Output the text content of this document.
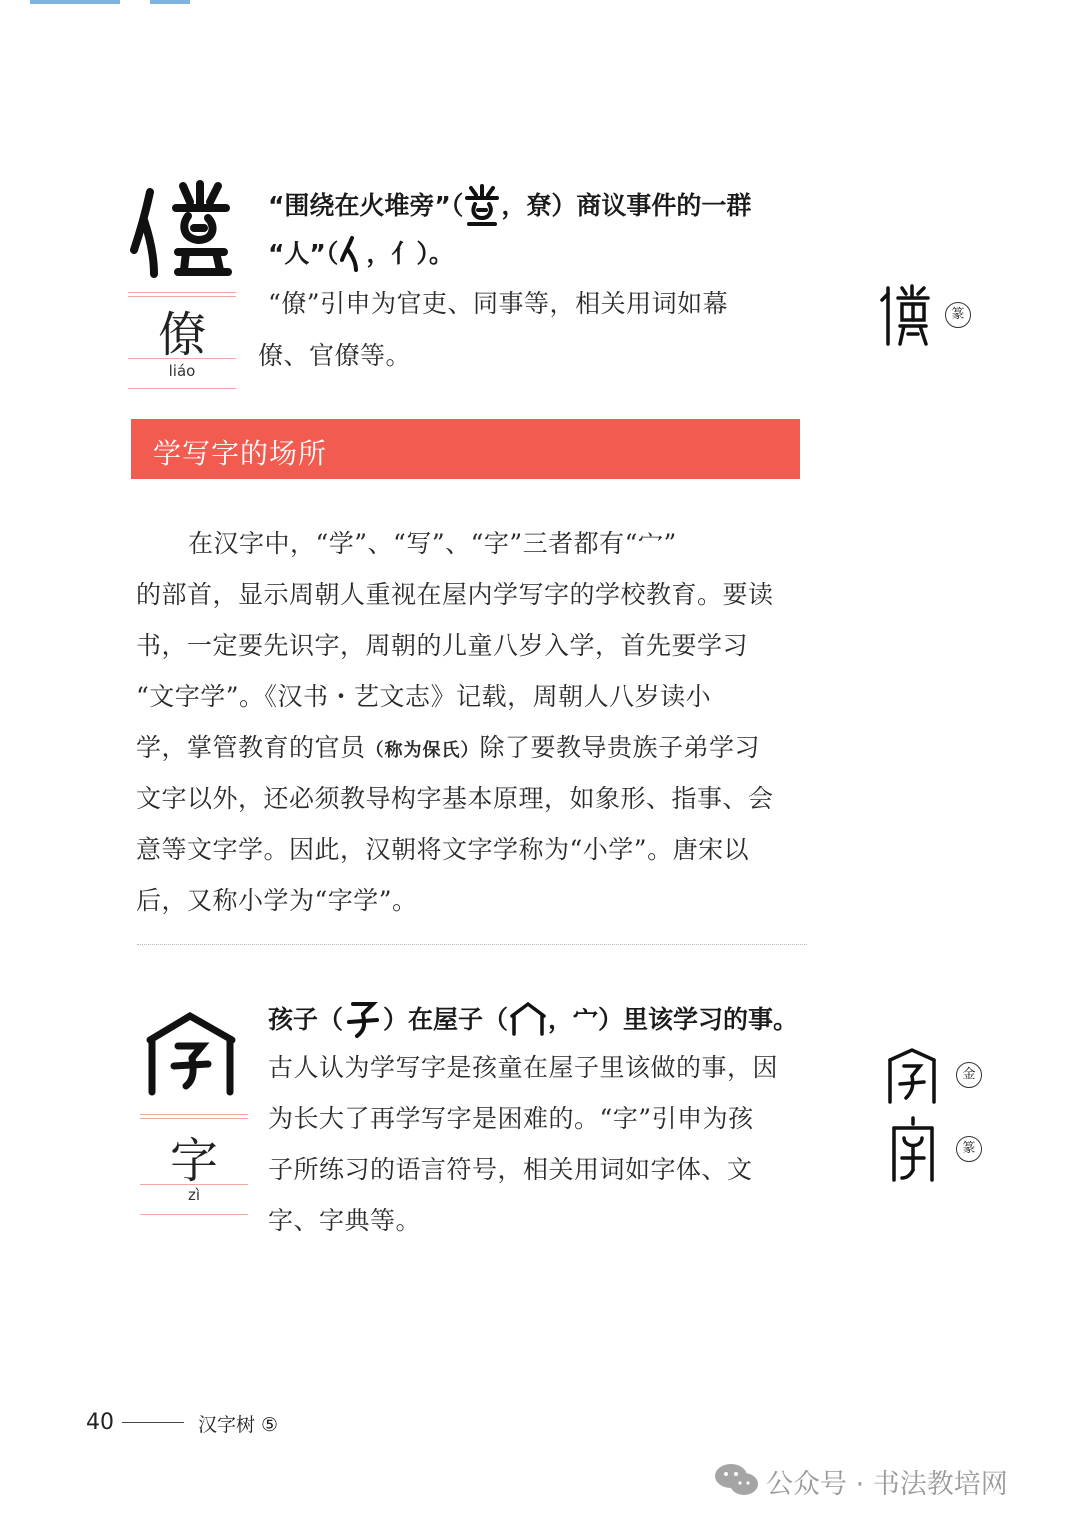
僚
liáo
“围绕在火堆旁”（ ，尞）商议事件的一群
“人”（ ，亻）。
“僚”引申为官吏、同事等，相关用词如幕
僚、官僚等。
篆
学写字的场所
在汉字中，“学”、“写”、“字”三者都有“宀”
的部首，显示周朝人重视在屋内学写字的学校教育。要读
书，一定要先识字，周朝的儿童八岁入学，首先要学习
“文字学”。《汉书・艺文志》记载，周朝人八岁读小
学，掌管教育的官员（称为保氏）除了要教导贵族子弟学习
文字以外，还必须教导构字基本原理，如象形、指事、会
意等文字学。因此，汉朝将文字学称为“小学”。唐宋以
后，又称小学为“字学”。
字
zì
孩子（ ）在屋子（ ，宀）里该学习的事。
古人认为学写字是孩童在屋子里该做的事，因
为长大了再学写字是困难的。“字”引申为孩
子所练习的语言符号，相关用词如字体、文
字、字典等。
金
篆
40	汉字树 ⑤
公众号 · 书法教培网
